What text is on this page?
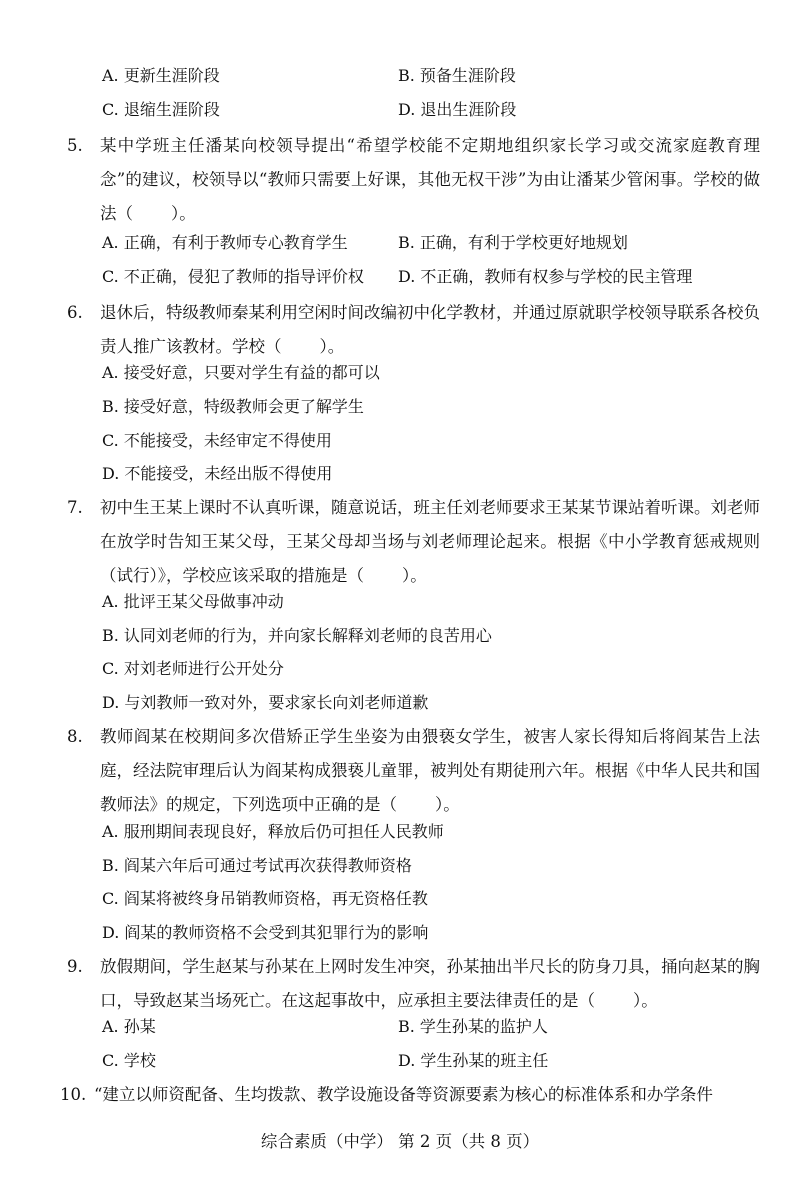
A. 更新生涯阶段	B. 预备生涯阶段
C. 退缩生涯阶段	D. 退出生涯阶段
5. 某中学班主任潘某向校领导提出“希望学校能不定期地组织家长学习或交流家庭教育理念”的建议，校领导以“教师只需要上好课，其他无权干涉”为由让潘某少管闲事。学校的做法（ ）。
A. 正确，有利于教师专心教育学生	B. 正确，有利于学校更好地规划
C. 不正确，侵犯了教师的指导评价权 D. 不正确，教师有权参与学校的民主管理
6. 退休后，特级教师秦某利用空闲时间改编初中化学教材，并通过原就职学校领导联系各校负责人推广该教材。学校（ ）。
A. 接受好意，只要对学生有益的都可以
B. 接受好意，特级教师会更了解学生
C. 不能接受，未经审定不得使用
D. 不能接受，未经出版不得使用
7. 初中生王某上课时不认真听课，随意说话，班主任刘老师要求王某某节课站着听课。刘老师在放学时告知王某父母，王某父母却当场与刘老师理论起来。根据《中小学教育惩戒规则（试行）》，学校应该采取的措施是（ ）。
A. 批评王某父母做事冲动
B. 认同刘老师的行为，并向家长解释刘老师的良苦用心
C. 对刘老师进行公开处分
D. 与刘教师一致对外，要求家长向刘老师道歉
8. 教师阎某在校期间多次借矫正学生坐姿为由猥亵女学生，被害人家长得知后将阎某告上法庭，经法院审理后认为阎某构成猥亵儿童罪，被判处有期徒刑六年。根据《中华人民共和国教师法》的规定，下列选项中正确的是（ ）。
A. 服刑期间表现良好，释放后仍可担任人民教师
B. 阎某六年后可通过考试再次获得教师资格
C. 阎某将被终身吊销教师资格，再无资格任教
D. 阎某的教师资格不会受到其犯罪行为的影响
9. 放假期间，学生赵某与孙某在上网时发生冲突，孙某抽出半尺长的防身刀具，捅向赵某的胸口，导致赵某当场死亡。在这起事故中，应承担主要法律责任的是（ ）。
A. 孙某	B. 学生孙某的监护人
C. 学校	D. 学生孙某的班主任
10. “建立以师资配备、生均拨款、教学设施设备等资源要素为核心的标准体系和办学条件
综合素质（中学） 第 2 页（共 8 页）
